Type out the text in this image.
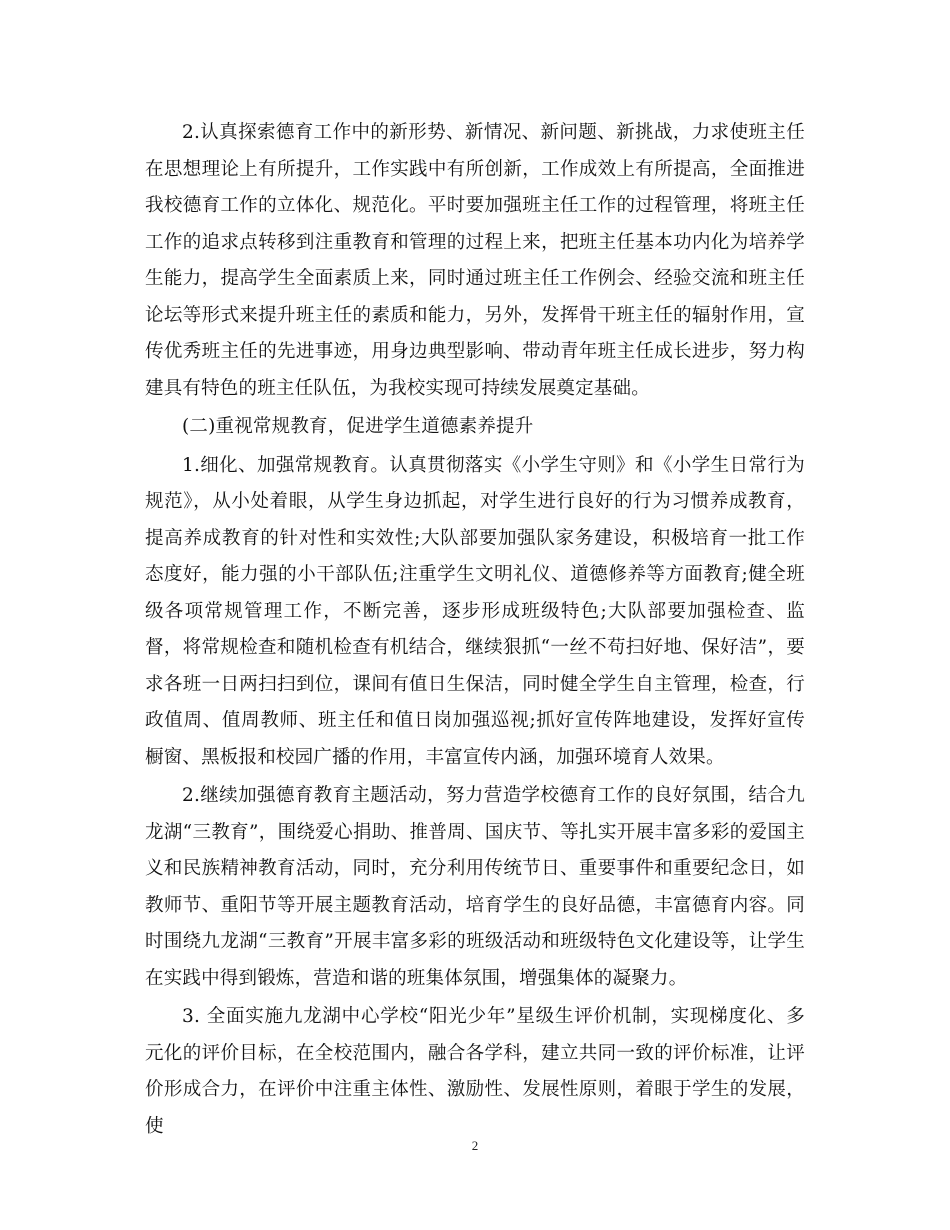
2.认真探索德育工作中的新形势、新情况、新问题、新挑战，力求使班主任在思想理论上有所提升，工作实践中有所创新，工作成效上有所提高，全面推进我校德育工作的立体化、规范化。平时要加强班主任工作的过程管理，将班主任工作的追求点转移到注重教育和管理的过程上来，把班主任基本功内化为培养学生能力，提高学生全面素质上来，同时通过班主任工作例会、经验交流和班主任论坛等形式来提升班主任的素质和能力，另外，发挥骨干班主任的辐射作用，宣传优秀班主任的先进事迹，用身边典型影响、带动青年班主任成长进步，努力构建具有特色的班主任队伍，为我校实现可持续发展奠定基础。

(二)重视常规教育，促进学生道德素养提升

1.细化、加强常规教育。认真贯彻落实《小学生守则》和《小学生日常行为规范》，从小处着眼，从学生身边抓起，对学生进行良好的行为习惯养成教育，提高养成教育的针对性和实效性;大队部要加强队家务建设，积极培育一批工作态度好，能力强的小干部队伍;注重学生文明礼仪、道德修养等方面教育;健全班级各项常规管理工作，不断完善，逐步形成班级特色;大队部要加强检查、监督，将常规检查和随机检查有机结合，继续狠抓“一丝不苟扫好地、保好洁”，要求各班一日两扫扫到位，课间有值日生保洁，同时健全学生自主管理，检查，行政值周、值周教师、班主任和值日岗加强巡视;抓好宣传阵地建设，发挥好宣传橱窗、黑板报和校园广播的作用，丰富宣传内涵，加强环境育人效果。

2.继续加强德育教育主题活动，努力营造学校德育工作的良好氛围，结合九龙湖“三教育”，围绕爱心捐助、推普周、国庆节、等扎实开展丰富多彩的爱国主义和民族精神教育活动，同时，充分利用传统节日、重要事件和重要纪念日，如教师节、重阳节等开展主题教育活动，培育学生的良好品德，丰富德育内容。同时围绕九龙湖“三教育”开展丰富多彩的班级活动和班级特色文化建设等，让学生在实践中得到锻炼，营造和谐的班集体氛围，增强集体的凝聚力。

3. 全面实施九龙湖中心学校“阳光少年”星级生评价机制，实现梯度化、多元化的评价目标，在全校范围内，融合各学科，建立共同一致的评价标准，让评价形成合力，在评价中注重主体性、激励性、发展性原则，着眼于学生的发展，使

2
